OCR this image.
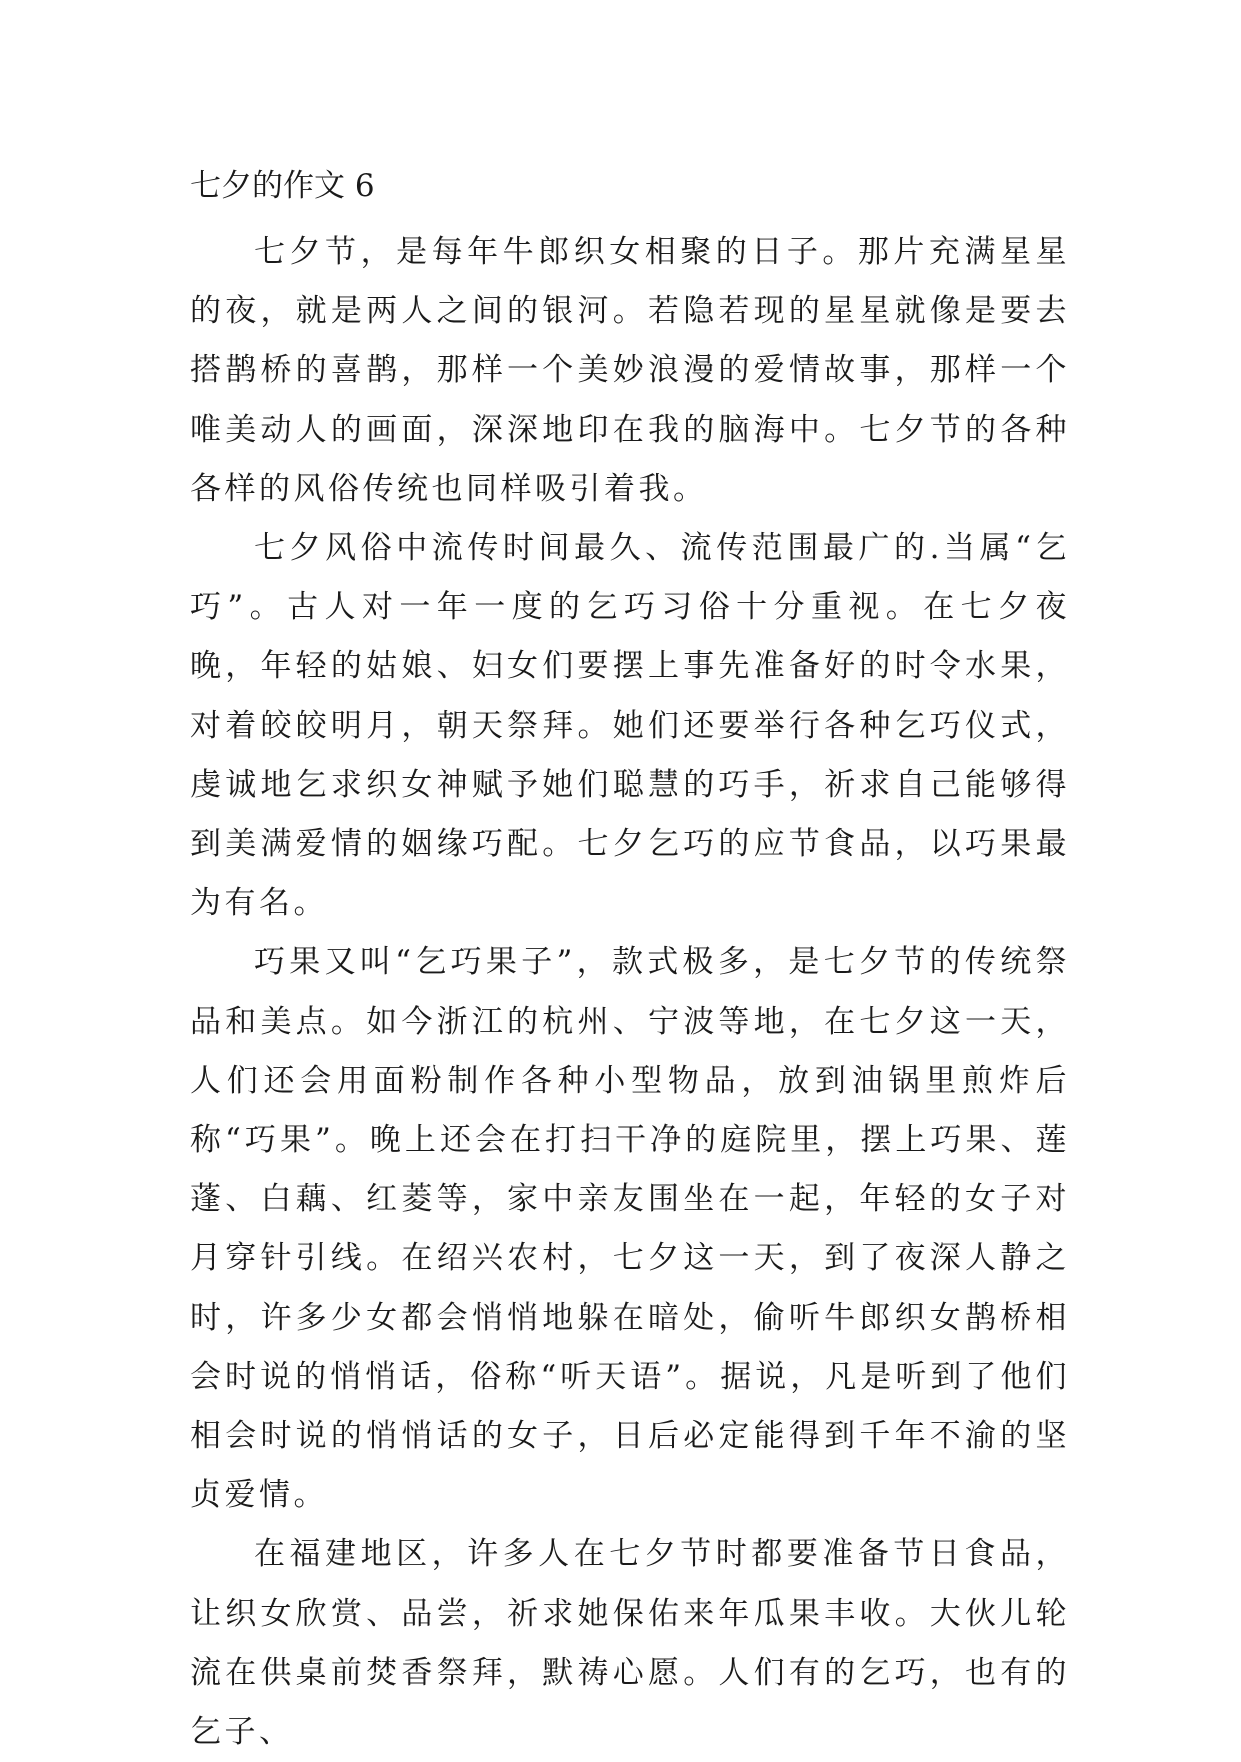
七夕的作文 6

七夕节，是每年牛郎织女相聚的日子。那片充满星星的夜，就是两人之间的银河。若隐若现的星星就像是要去搭鹊桥的喜鹊，那样一个美妙浪漫的爱情故事，那样一个唯美动人的画面，深深地印在我的脑海中。七夕节的各种各样的风俗传统也同样吸引着我。

七夕风俗中流传时间最久、流传范围最广的.当属“乞巧”。古人对一年一度的乞巧习俗十分重视。在七夕夜晚，年轻的姑娘、妇女们要摆上事先准备好的时令水果，对着皎皎明月，朝天祭拜。她们还要举行各种乞巧仪式，虔诚地乞求织女神赋予她们聪慧的巧手，祈求自己能够得到美满爱情的姻缘巧配。七夕乞巧的应节食品，以巧果最为有名。

巧果又叫“乞巧果子”，款式极多，是七夕节的传统祭品和美点。如今浙江的杭州、宁波等地，在七夕这一天，人们还会用面粉制作各种小型物品，放到油锅里煎炸后称“巧果”。晚上还会在打扫干净的庭院里，摆上巧果、莲蓬、白藕、红菱等，家中亲友围坐在一起，年轻的女子对月穿针引线。在绍兴农村，七夕这一天，到了夜深人静之时，许多少女都会悄悄地躲在暗处，偷听牛郎织女鹊桥相会时说的悄悄话，俗称“听天语”。据说，凡是听到了他们相会时说的悄悄话的女子，日后必定能得到千年不渝的坚贞爱情。

在福建地区，许多人在七夕节时都要准备节日食品，让织女欣赏、品尝，祈求她保佑来年瓜果丰收。大伙儿轮流在供桌前焚香祭拜，默祷心愿。人们有的乞巧，也有的乞子、
